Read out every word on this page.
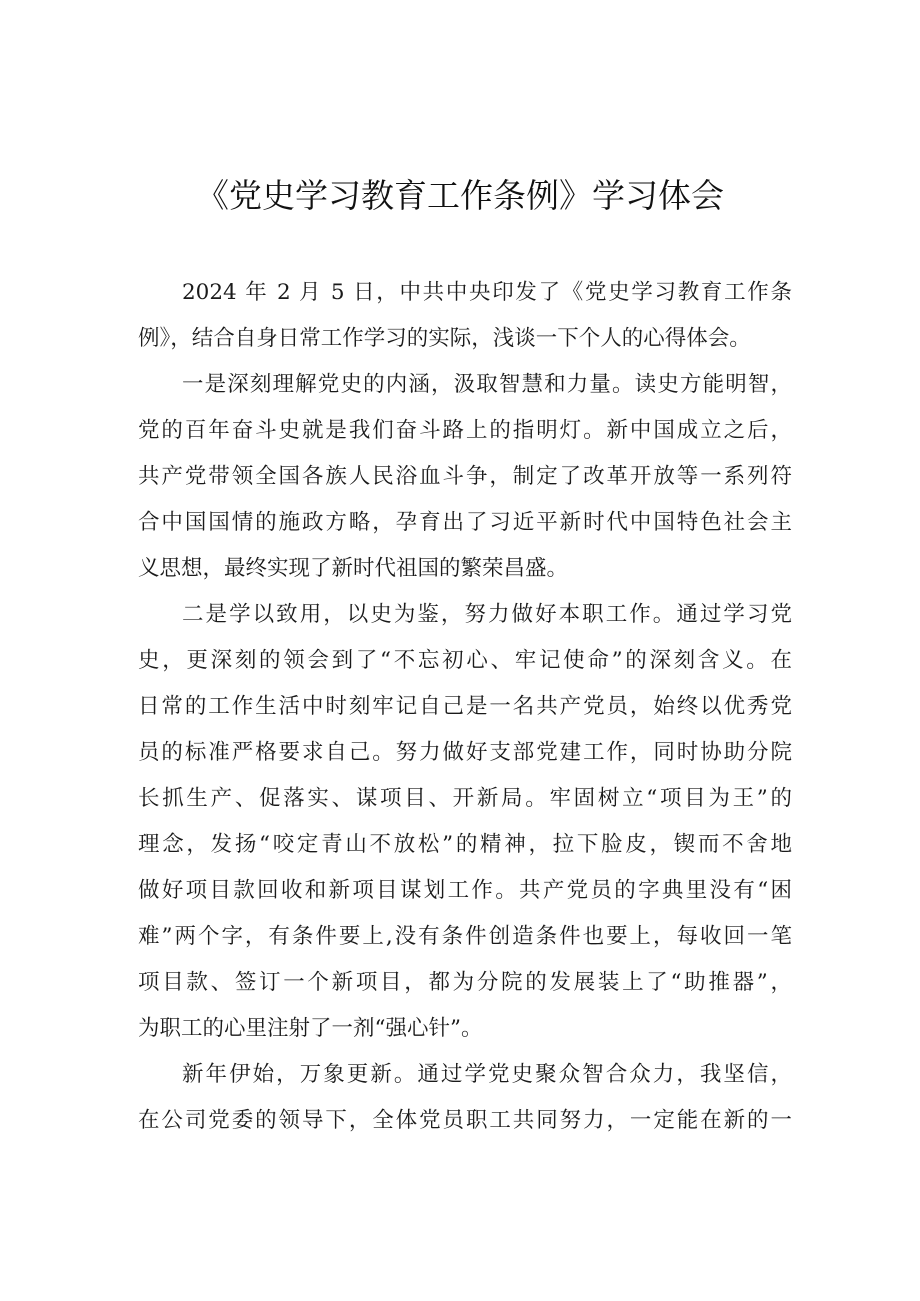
《党史学习教育工作条例》学习体会
2024 年 2 月 5 日，中共中央印发了《党史学习教育工作条
例》，结合自身日常工作学习的实际，浅谈一下个人的心得体会。
一是深刻理解党史的内涵，汲取智慧和力量。读史方能明智，
党的百年奋斗史就是我们奋斗路上的指明灯。新中国成立之后，
共产党带领全国各族人民浴血斗争，制定了改革开放等一系列符
合中国国情的施政方略，孕育出了习近平新时代中国特色社会主
义思想，最终实现了新时代祖国的繁荣昌盛。
二是学以致用，以史为鉴，努力做好本职工作。通过学习党
史，更深刻的领会到了“不忘初心、牢记使命”的深刻含义。在
日常的工作生活中时刻牢记自己是一名共产党员，始终以优秀党
员的标准严格要求自己。努力做好支部党建工作，同时协助分院
长抓生产、促落实、谋项目、开新局。牢固树立“项目为王”的
理念，发扬“咬定青山不放松”的精神，拉下脸皮，锲而不舍地
做好项目款回收和新项目谋划工作。共产党员的字典里没有“困
难”两个字，有条件要上,没有条件创造条件也要上，每收回一笔
项目款、签订一个新项目，都为分院的发展装上了“助推器”，
为职工的心里注射了一剂“强心针”。
新年伊始，万象更新。通过学党史聚众智合众力，我坚信，
在公司党委的领导下，全体党员职工共同努力，一定能在新的一
